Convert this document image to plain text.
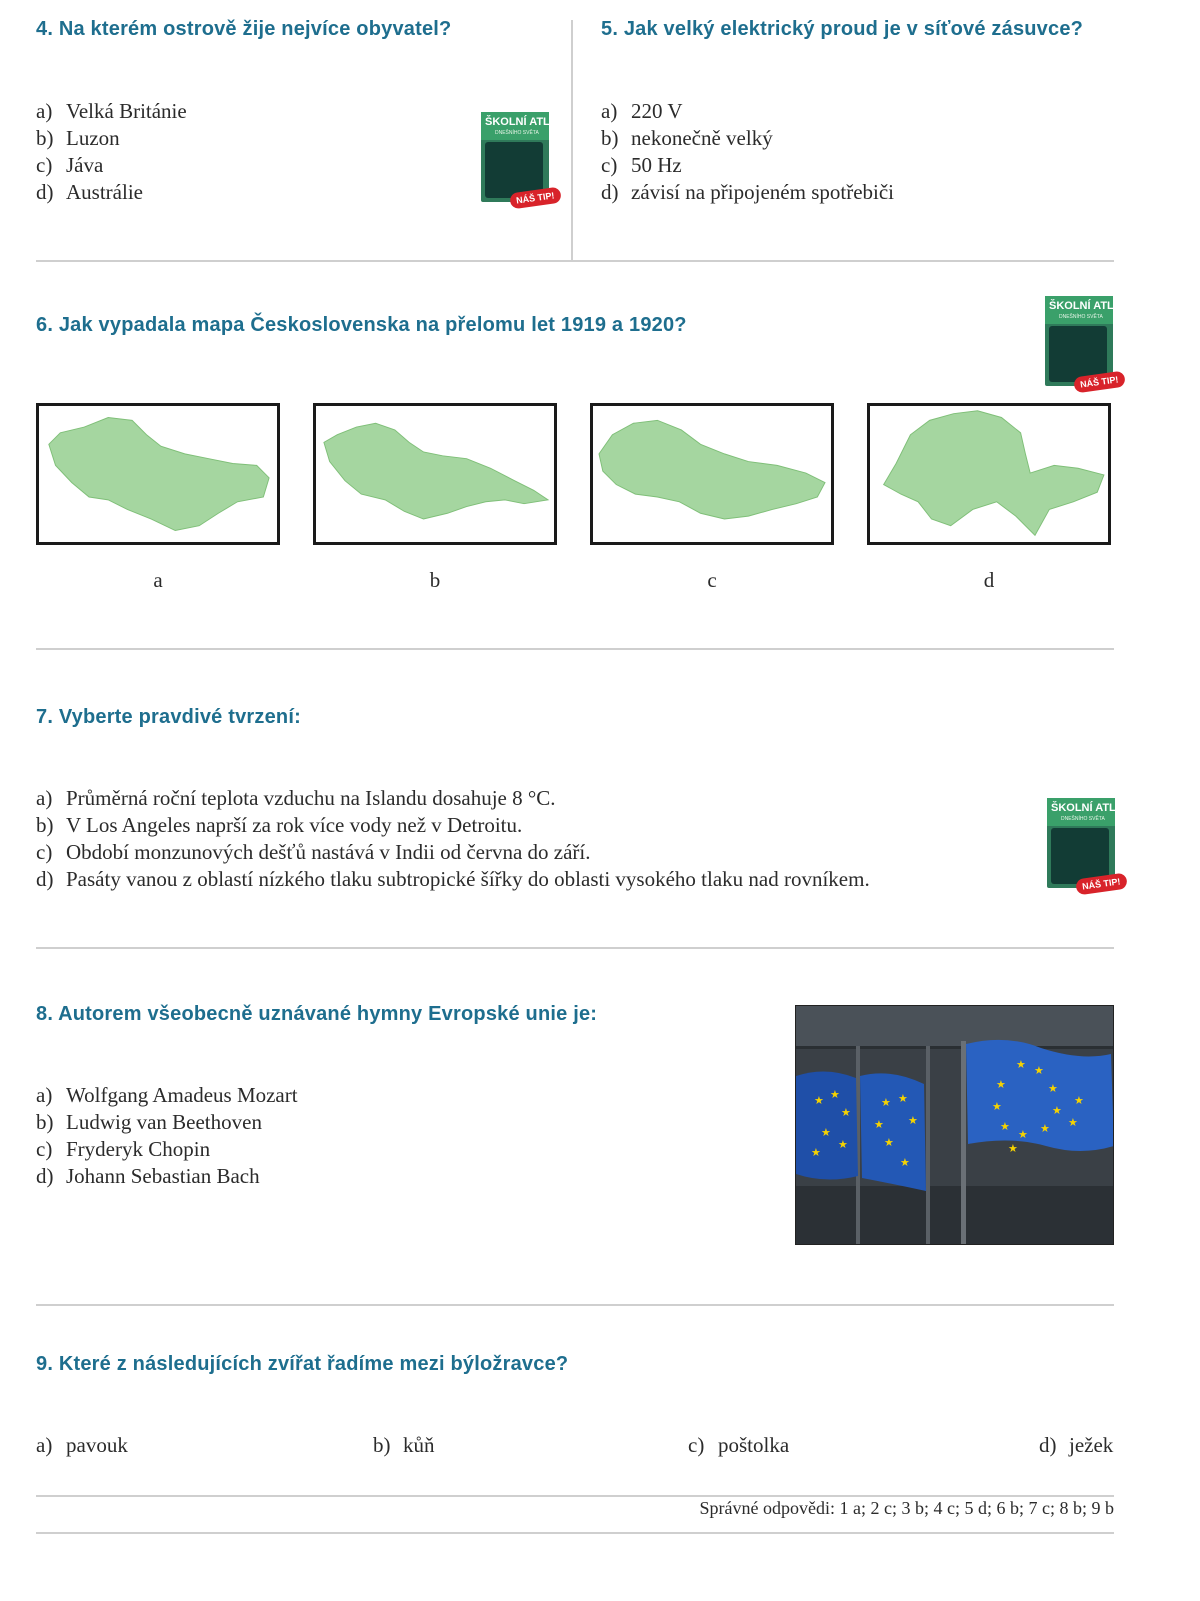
4. Na kterém ostrově žije nejvíce obyvatel?
a) Velká Británie
b) Luzon
c) Jáva
d) Austrálie
ŠKOLNÍ ATLAS
DNEŠNÍHO SVĚTA
NÁŠ TIP!
5. Jak velký elektrický proud je v síťové zásuvce?
a) 220 V
b) nekonečně velký
c) 50 Hz
d) závisí na připojeném spotřebiči
6. Jak vypadala mapa Československa na přelomu let 1919 a 1920?
ŠKOLNÍ ATLAS
DNEŠNÍHO SVĚTA
NÁŠ TIP!
a	b	c	d
7. Vyberte pravdivé tvrzení:
a) Průměrná roční teplota vzduchu na Islandu dosahuje 8 °C.
b) V Los Angeles naprší za rok více vody než v Detroitu.
c) Období monzunových dešťů nastává v Indii od června do září.
d) Pasáty vanou z oblastí nízkého tlaku subtropické šířky do oblasti vysokého tlaku nad rovníkem.
ŠKOLNÍ ATLAS
DNEŠNÍHO SVĚTA
NÁŠ TIP!
8. Autorem všeobecně uznávané hymny Evropské unie je:
a) Wolfgang Amadeus Mozart
b) Ludwig van Beethoven
c) Fryderyk Chopin
d) Johann Sebastian Bach
★ ★
★
★
★
★
★ ★
★
★
★
★
★ ★
★
★
★
★
★
★
★
★
★
★
9. Které z následujících zvířat řadíme mezi býložravce?
a) pavouk	b) kůň	c) poštolka	d) ježek
Správné odpovědi: 1 a; 2 c; 3 b; 4 c; 5 d; 6 b; 7 c; 8 b; 9 b
